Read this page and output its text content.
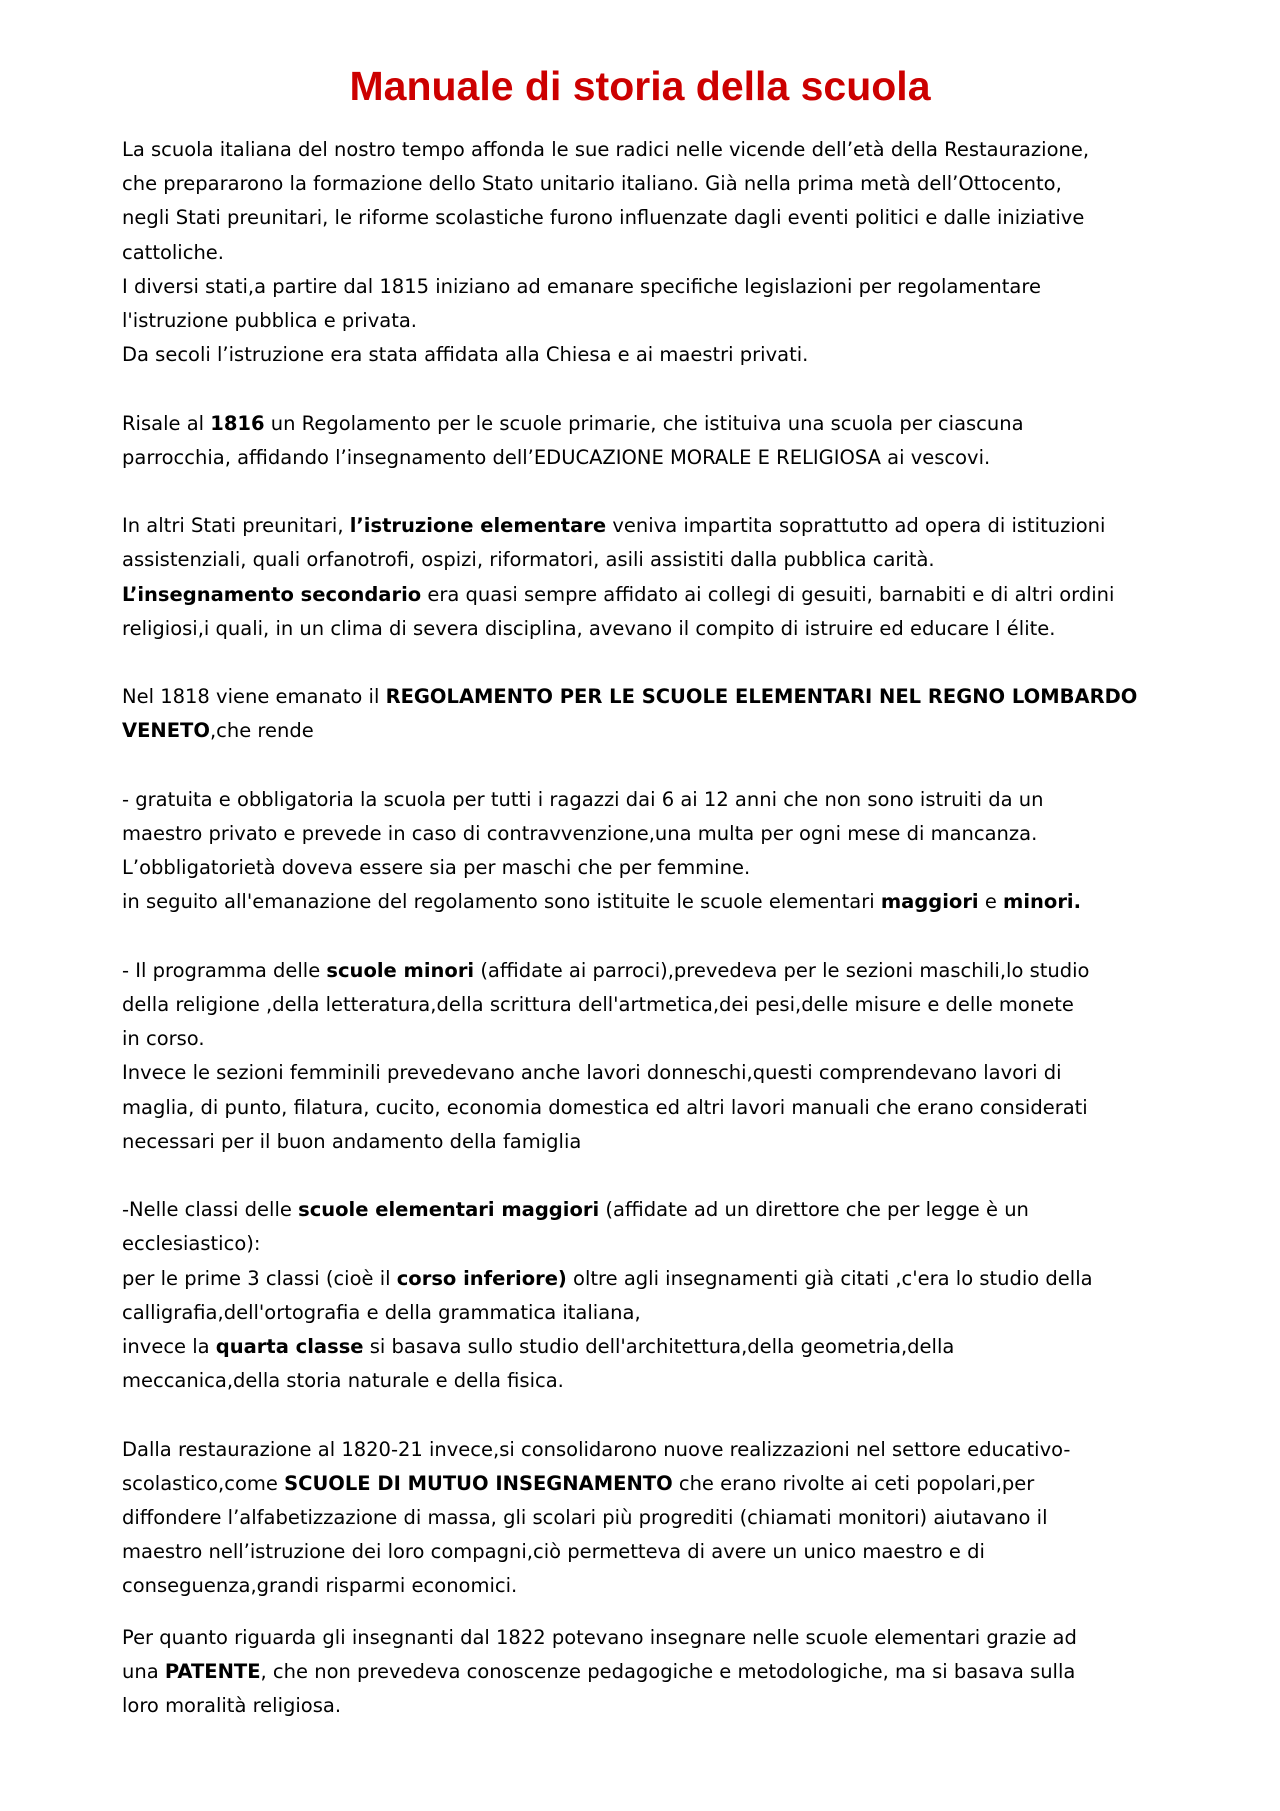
Manuale di storia della scuola

La scuola italiana del nostro tempo affonda le sue radici nelle vicende dell’età della Restaurazione,

che prepararono la formazione dello Stato unitario italiano. Già nella prima metà dell’Ottocento,

negli Stati preunitari, le riforme scolastiche furono influenzate dagli eventi politici e dalle iniziative

cattoliche.

I diversi stati,a partire dal 1815 iniziano ad emanare specifiche legislazioni per regolamentare

l'istruzione pubblica e privata.

Da secoli l’istruzione era stata affidata alla Chiesa e ai maestri privati.

Risale al 1816 un Regolamento per le scuole primarie, che istituiva una scuola per ciascuna

parrocchia, affidando l’insegnamento dell’EDUCAZIONE MORALE E RELIGIOSA ai vescovi.

In altri Stati preunitari, l’istruzione elementare veniva impartita soprattutto ad opera di istituzioni

assistenziali, quali orfanotrofi, ospizi, riformatori, asili assistiti dalla pubblica carità.

L’insegnamento secondario era quasi sempre affidato ai collegi di gesuiti, barnabiti e di altri ordini

religiosi,i quali, in un clima di severa disciplina, avevano il compito di istruire ed educare l élite.

Nel 1818 viene emanato il REGOLAMENTO PER LE SCUOLE ELEMENTARI NEL REGNO LOMBARDO

VENETO,che rende

- gratuita e obbligatoria la scuola per tutti i ragazzi dai 6 ai 12 anni che non sono istruiti da un

maestro privato e prevede in caso di contravvenzione,una multa per ogni mese di mancanza.

L’obbligatorietà doveva essere sia per maschi che per femmine.

in seguito all'emanazione del regolamento sono istituite le scuole elementari maggiori e minori.

- Il programma delle scuole minori (affidate ai parroci),prevedeva per le sezioni maschili,lo studio

della religione ,della letteratura,della scrittura dell'artmetica,dei pesi,delle misure e delle monete

in corso.

Invece le sezioni femminili prevedevano anche lavori donneschi,questi comprendevano lavori di

maglia, di punto, filatura, cucito, economia domestica ed altri lavori manuali che erano considerati

necessari per il buon andamento della famiglia

-Nelle classi delle scuole elementari maggiori (affidate ad un direttore che per legge è un

ecclesiastico):

per le prime 3 classi (cioè il corso inferiore) oltre agli insegnamenti già citati ,c'era lo studio della

calligrafia,dell'ortografia e della grammatica italiana,

invece la quarta classe si basava sullo studio dell'architettura,della geometria,della

meccanica,della storia naturale e della fisica.

Dalla restaurazione al 1820-21 invece,si consolidarono nuove realizzazioni nel settore educativo-

scolastico,come SCUOLE DI MUTUO INSEGNAMENTO che erano rivolte ai ceti popolari,per

diffondere l’alfabetizzazione di massa, gli scolari più progrediti (chiamati monitori) aiutavano il

maestro nell’istruzione dei loro compagni,ciò permetteva di avere un unico maestro e di

conseguenza,grandi risparmi economici.

Per quanto riguarda gli insegnanti dal 1822 potevano insegnare nelle scuole elementari grazie ad

una PATENTE, che non prevedeva conoscenze pedagogiche e metodologiche, ma si basava sulla

loro moralità religiosa.
